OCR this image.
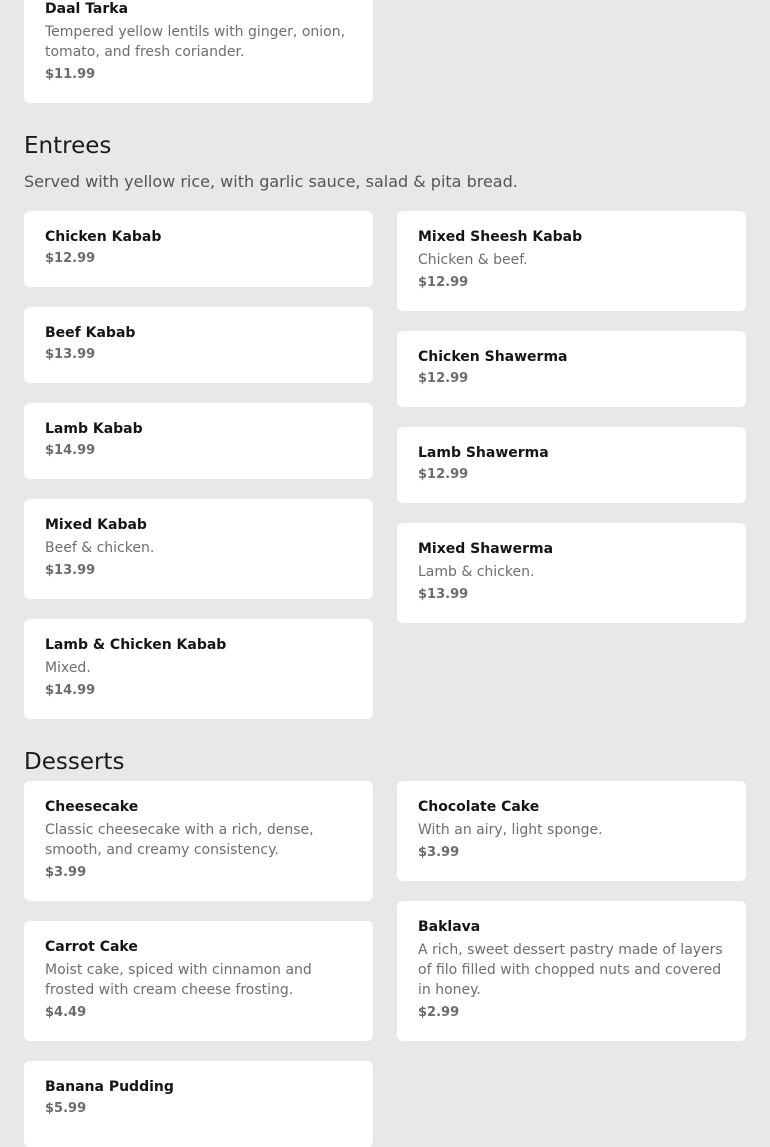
Daal Tarka
Tempered yellow lentils with ginger, onion, tomato, and fresh coriander.
$11.99
Entrees
Served with yellow rice, with garlic sauce, salad & pita bread.
Chicken Kabab
$12.99
Beef Kabab
$13.99
Lamb Kabab
$14.99
Mixed Kabab
Beef & chicken.
$13.99
Lamb & Chicken Kabab
Mixed.
$14.99
Mixed Sheesh Kabab
Chicken & beef.
$12.99
Chicken Shawerma
$12.99
Lamb Shawerma
$12.99
Mixed Shawerma
Lamb & chicken.
$13.99
Desserts
Cheesecake
Classic cheesecake with a rich, dense, smooth, and creamy consistency.
$3.99
Carrot Cake
Moist cake, spiced with cinnamon and frosted with cream cheese frosting.
$4.49
Banana Pudding
$5.99
Chocolate Cake
With an airy, light sponge.
$3.99
Baklava
A rich, sweet dessert pastry made of layers of filo filled with chopped nuts and covered in honey.
$2.99
